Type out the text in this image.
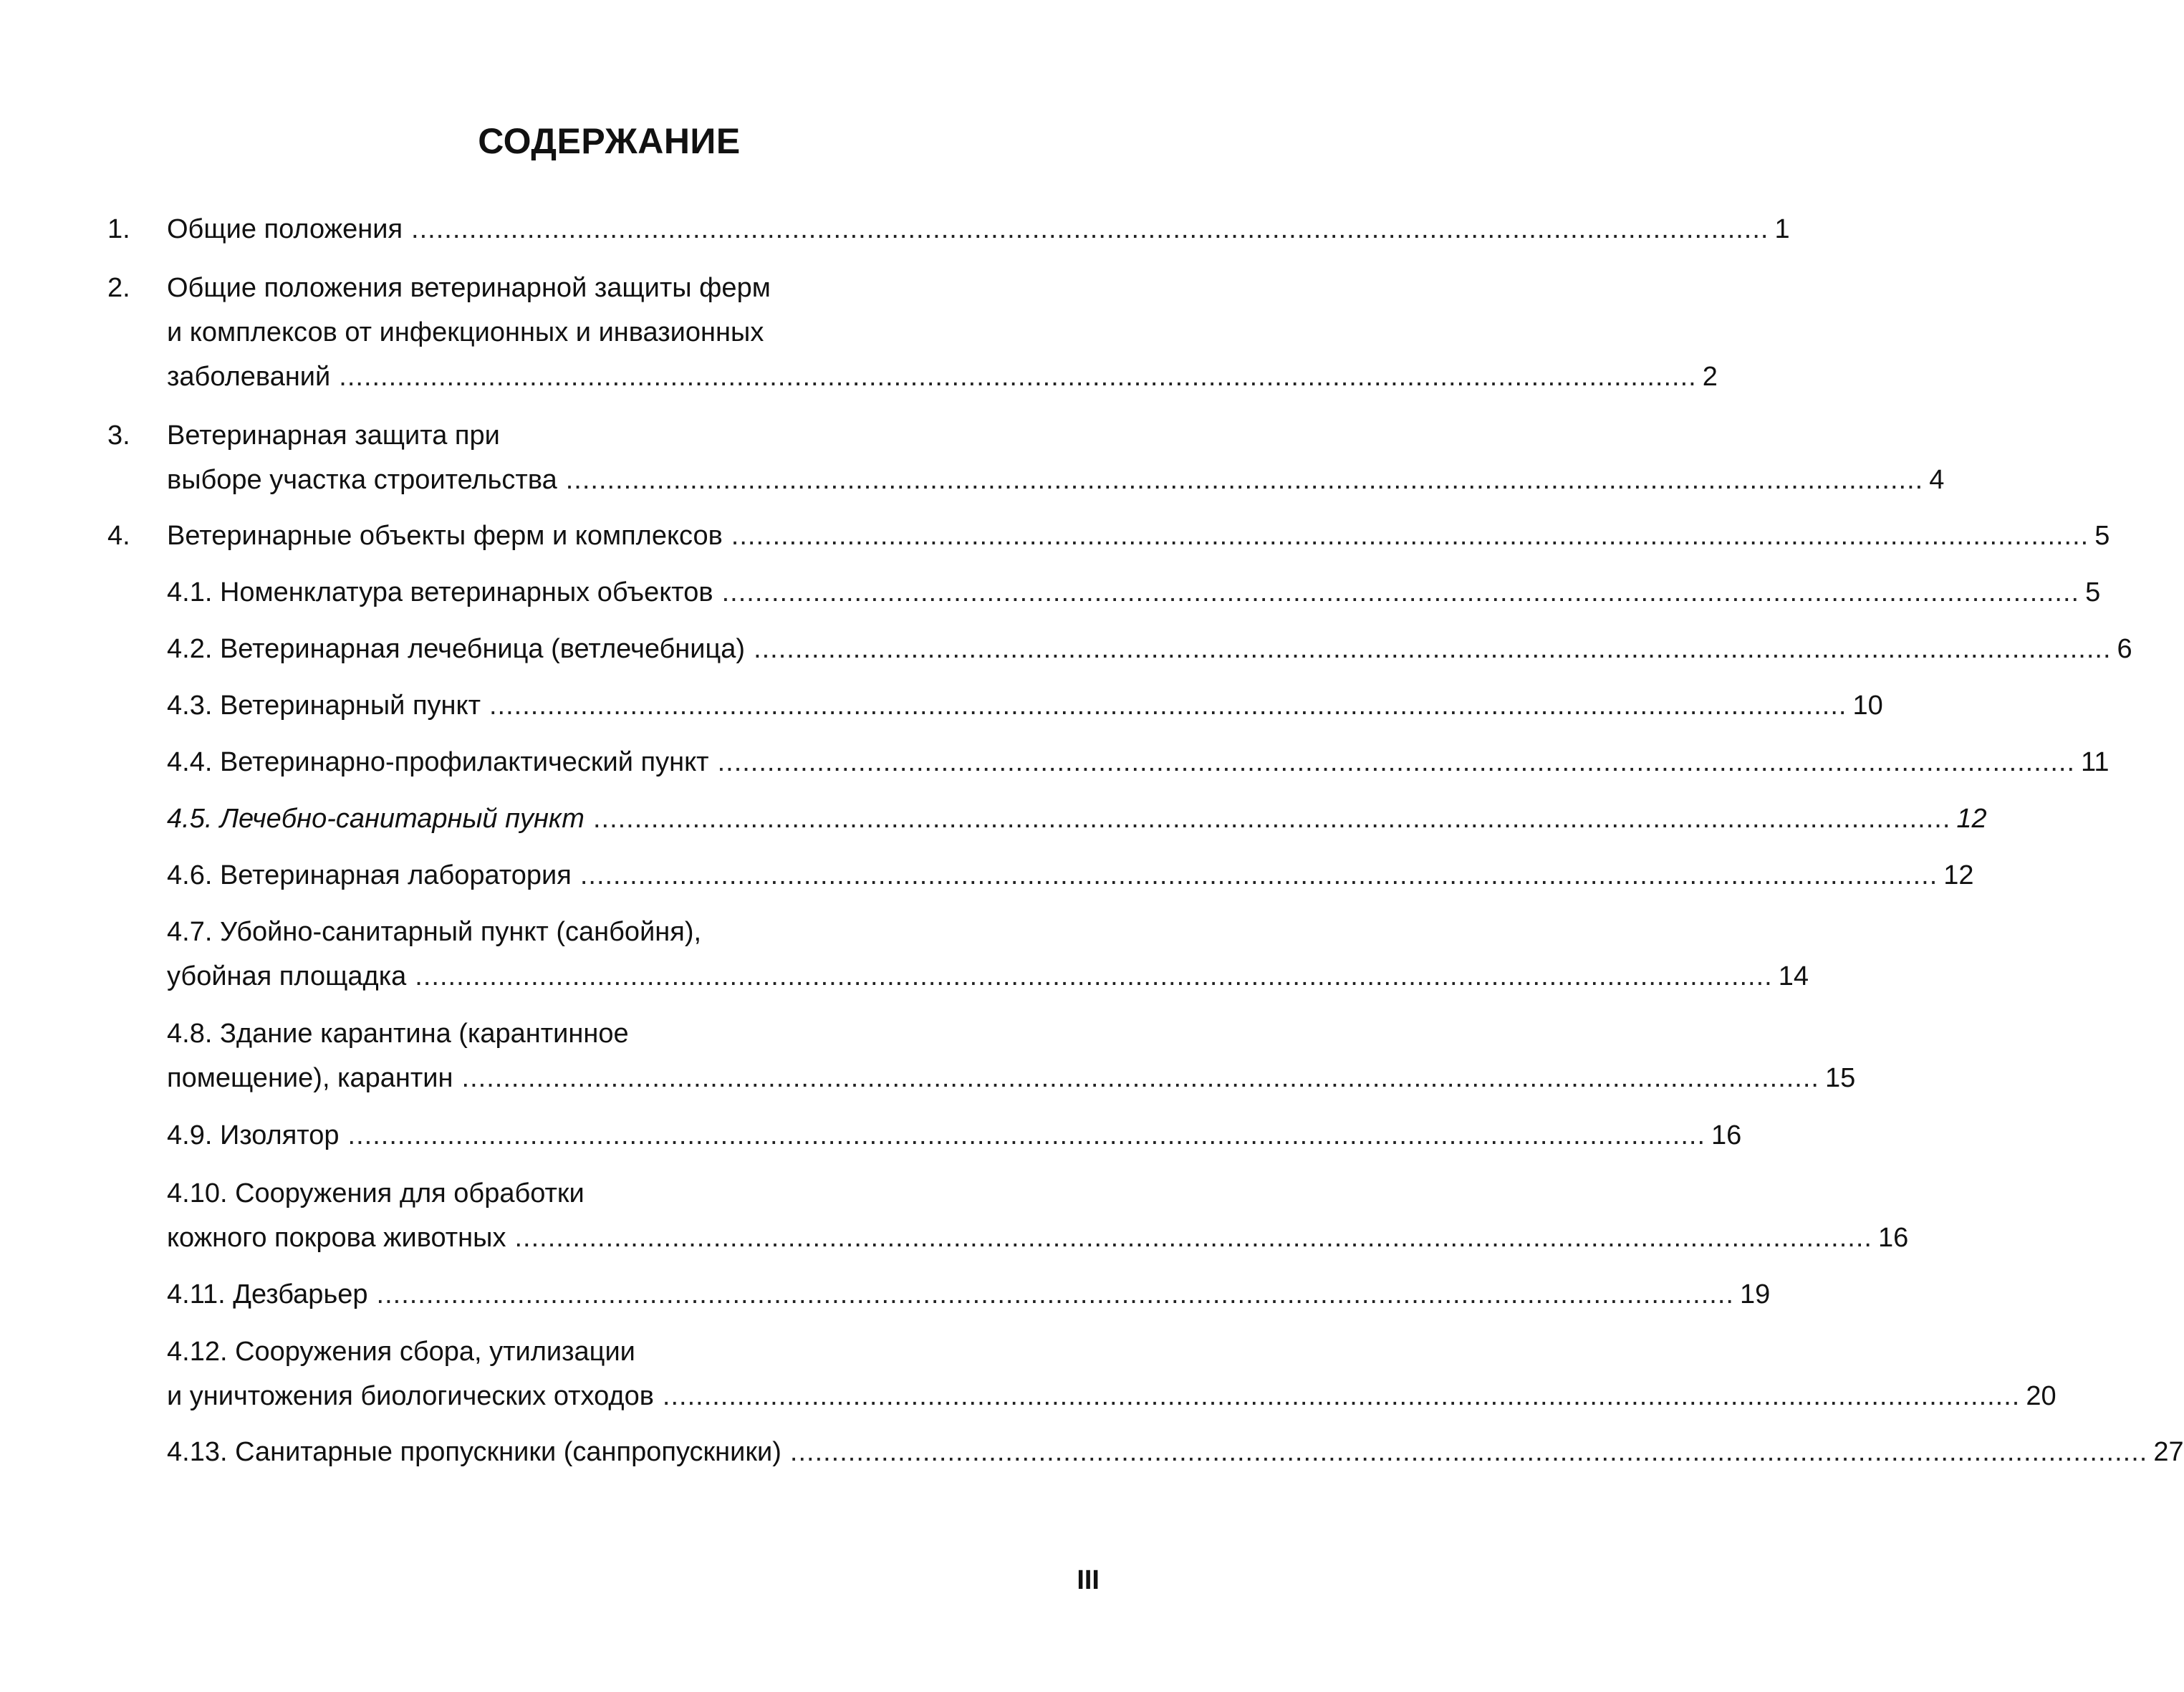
СОДЕРЖАНИЕ
1. Общие положения .................................................................................................................................................................... 1
2. Общие положения ветеринарной защиты ферм
и комплексов от инфекционных и инвазионных
заболеваний .................................................................................................................................................................... 2
3. Ветеринарная защита при
выборе участка строительства .................................................................................................................................................................... 4
4. Ветеринарные объекты ферм и комплексов .................................................................................................................................................................... 5
4.1. Номенклатура ветеринарных объектов .................................................................................................................................................................... 5
4.2. Ветеринарная лечебница (ветлечебница) .................................................................................................................................................................... 6
4.3. Ветеринарный пункт .................................................................................................................................................................... 10
4.4. Ветеринарно-профилактический пункт .................................................................................................................................................................... 11
4.5. Лечебно-санитарный пункт .................................................................................................................................................................... 12
4.6. Ветеринарная лаборатория .................................................................................................................................................................... 12
4.7. Убойно-санитарный пункт (санбойня),
убойная площадка .................................................................................................................................................................... 14
4.8. Здание карантина (карантинное
помещение), карантин .................................................................................................................................................................... 15
4.9. Изолятор .................................................................................................................................................................... 16
4.10. Сооружения для обработки
кожного покрова животных .................................................................................................................................................................... 16
4.11. Дезбарьер .................................................................................................................................................................... 19
4.12. Сооружения сбора, утилизации
и уничтожения биологических отходов .................................................................................................................................................................... 20
4.13. Санитарные пропускники (санпропускники) .................................................................................................................................................................... 27
III
